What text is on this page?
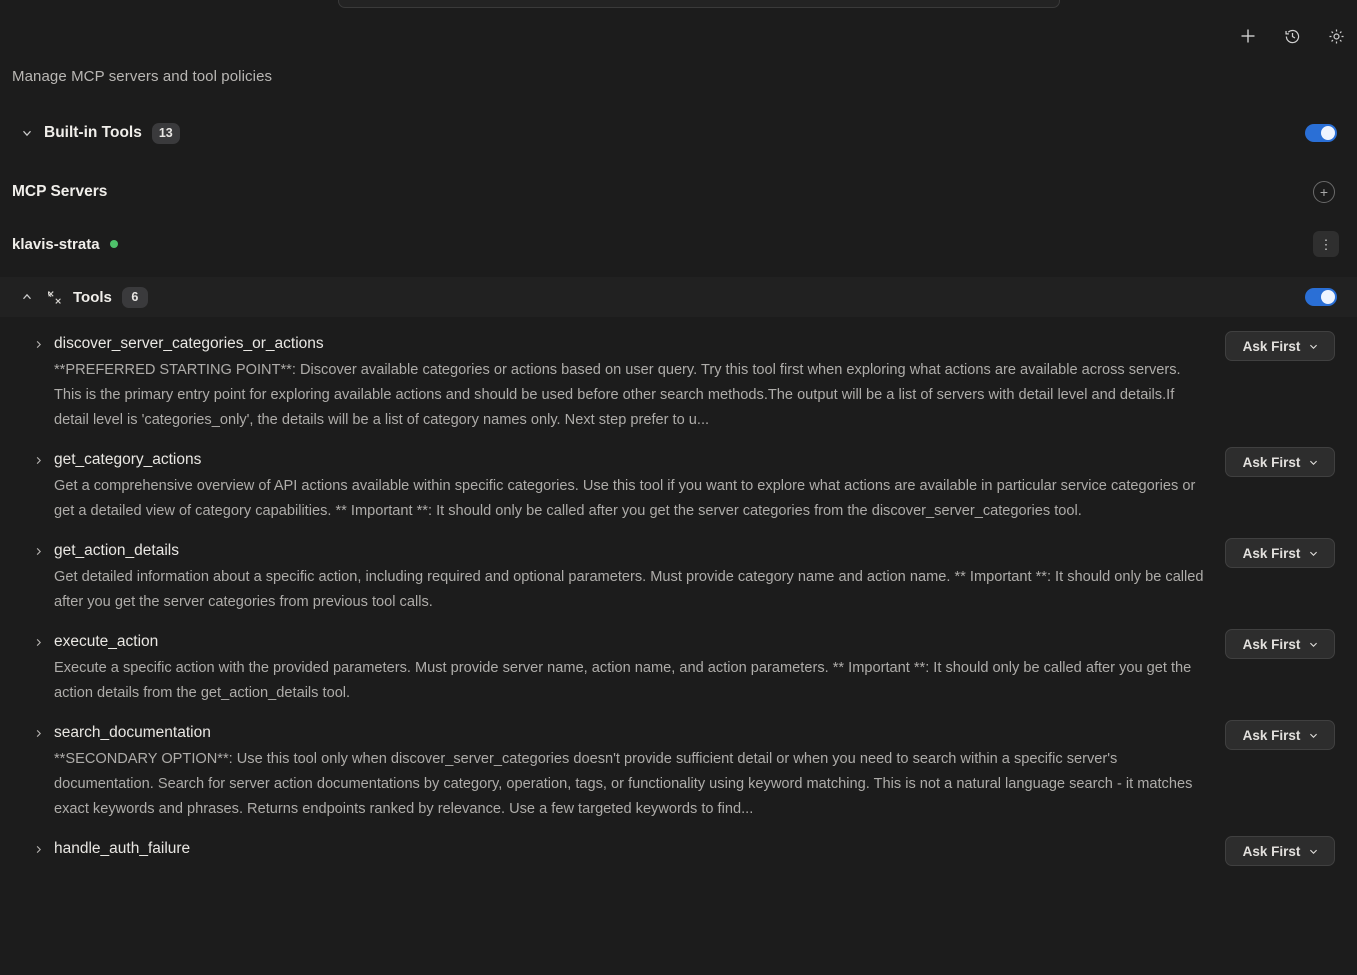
Manage MCP servers and tool policies
Built-in Tools	13
MCP Servers	+
klavis-strata	⋮
Tools	6
discover_server_categories_or_actions
**PREFERRED STARTING POINT**: Discover available categories or actions based on user query. Try this tool first when exploring what actions are available across servers. This is the primary entry point for exploring available actions and should be used before other search methods.The output will be a list of servers with detail level and details.If detail level is 'categories_only', the details will be a list of category names only. Next step prefer to u...
Ask First
get_category_actions
Get a comprehensive overview of API actions available within specific categories. Use this tool if you want to explore what actions are available in particular service categories or get a detailed view of category capabilities. ** Important **: It should only be called after you get the server categories from the discover_server_categories tool.
Ask First
get_action_details
Get detailed information about a specific action, including required and optional parameters. Must provide category name and action name. ** Important **: It should only be called after you get the server categories from previous tool calls.
Ask First
execute_action
Execute a specific action with the provided parameters. Must provide server name, action name, and action parameters. ** Important **: It should only be called after you get the action details from the get_action_details tool.
Ask First
search_documentation
**SECONDARY OPTION**: Use this tool only when discover_server_categories doesn't provide sufficient detail or when you need to search within a specific server's documentation. Search for server action documentations by category, operation, tags, or functionality using keyword matching. This is not a natural language search - it matches exact keywords and phrases. Returns endpoints ranked by relevance. Use a few targeted keywords to find...
Ask First
handle_auth_failure	Ask First
